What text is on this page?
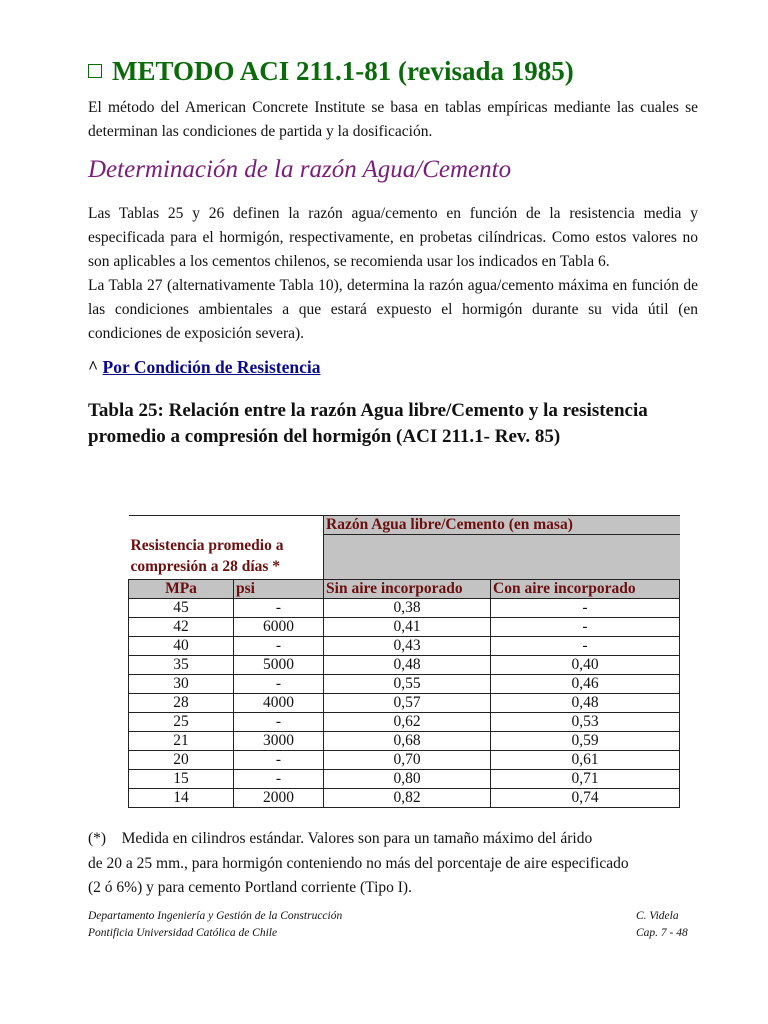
METODO ACI 211.1-81 (revisada 1985)
El método del American Concrete Institute se basa en tablas empíricas mediante las cuales se determinan las condiciones de partida y la dosificación.
Determinación de la razón Agua/Cemento
Las Tablas 25 y 26 definen la razón agua/cemento en función de la resistencia media y especificada para el hormigón, respectivamente, en probetas cilíndricas. Como estos valores no son aplicables a los cementos chilenos, se recomienda usar los indicados en Tabla 6.
La Tabla 27 (alternativamente Tabla 10), determina la razón agua/cemento máxima en función de las condiciones ambientales a que estará expuesto el hormigón durante su vida útil (en condiciones de exposición severa).
^ Por Condición de Resistencia
Tabla 25: Relación entre la razón Agua libre/Cemento y la resistencia promedio a compresión del hormigón (ACI 211.1- Rev. 85)
Resistencia promedio a compresión a 28 días *		Razón Agua libre/Cemento (en masa)	

MPa	psi	Sin aire incorporado	Con aire incorporado
45	-	0,38	-
42	6000	0,41	-
40	-	0,43	-
35	5000	0,48	0,40
30	-	0,55	0,46
28	4000	0,57	0,48
25	-	0,62	0,53
21	3000	0,68	0,59
20	-	0,70	0,61
15	-	0,80	0,71
14	2000	0,82	0,74
(*) Medida en cilindros estándar. Valores son para un tamaño máximo del árido
de 20 a 25 mm., para hormigón conteniendo no más del porcentaje de aire especificado
(2 ó 6%) y para cemento Portland corriente (Tipo I).
Departamento Ingeniería y Gestión de la Construcción
Pontificia Universidad Católica de Chile
C. Videla
Cap. 7 - 48
